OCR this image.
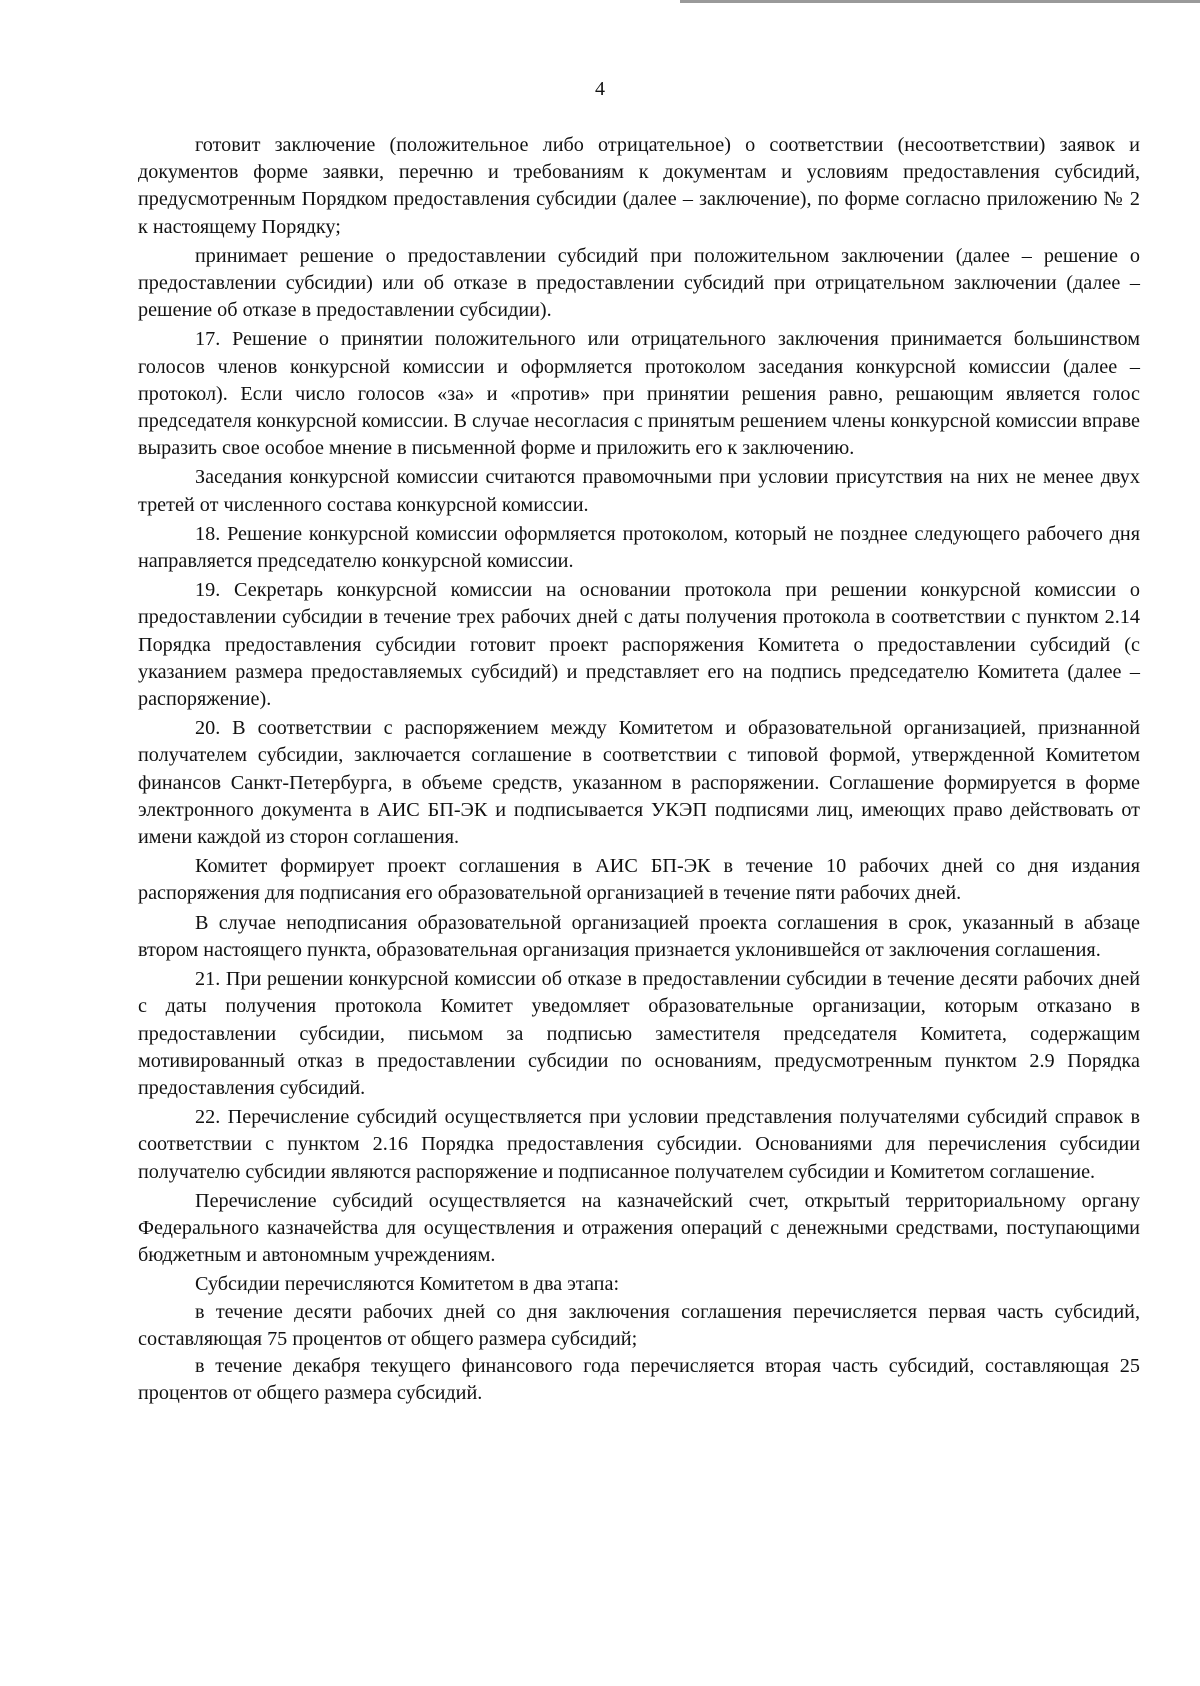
4

готовит заключение (положительное либо отрицательное) о соответствии (несоответствии) заявок и документов форме заявки, перечню и требованиям к документам и условиям предоставления субсидий, предусмотренным Порядком предоставления субсидии (далее – заключение), по форме согласно приложению № 2 к настоящему Порядку;

принимает решение о предоставлении субсидий при положительном заключении (далее – решение о предоставлении субсидии) или об отказе в предоставлении субсидий при отрицательном заключении (далее – решение об отказе в предоставлении субсидии).

17. Решение о принятии положительного или отрицательного заключения принимается большинством голосов членов конкурсной комиссии и оформляется протоколом заседания конкурсной комиссии (далее – протокол). Если число голосов «за» и «против» при принятии решения равно, решающим является голос председателя конкурсной комиссии. В случае несогласия с принятым решением члены конкурсной комиссии вправе выразить свое особое мнение в письменной форме и приложить его к заключению.

Заседания конкурсной комиссии считаются правомочными при условии присутствия на них не менее двух третей от численного состава конкурсной комиссии.

18. Решение конкурсной комиссии оформляется протоколом, который не позднее следующего рабочего дня направляется председателю конкурсной комиссии.

19. Секретарь конкурсной комиссии на основании протокола при решении конкурсной комиссии о предоставлении субсидии в течение трех рабочих дней с даты получения протокола в соответствии с пунктом 2.14 Порядка предоставления субсидии готовит проект распоряжения Комитета о предоставлении субсидий (с указанием размера предоставляемых субсидий) и представляет его на подпись председателю Комитета (далее – распоряжение).

20. В соответствии с распоряжением между Комитетом и образовательной организацией, признанной получателем субсидии, заключается соглашение в соответствии с типовой формой, утвержденной Комитетом финансов Санкт-Петербурга, в объеме средств, указанном в распоряжении. Соглашение формируется в форме электронного документа в АИС БП-ЭК и подписывается УКЭП подписями лиц, имеющих право действовать от имени каждой из сторон соглашения.

Комитет формирует проект соглашения в АИС БП-ЭК в течение 10 рабочих дней со дня издания распоряжения для подписания его образовательной организацией в течение пяти рабочих дней.

В случае неподписания образовательной организацией проекта соглашения в срок, указанный в абзаце втором настоящего пункта, образовательная организация признается уклонившейся от заключения соглашения.

21. При решении конкурсной комиссии об отказе в предоставлении субсидии в течение десяти рабочих дней с даты получения протокола Комитет уведомляет образовательные организации, которым отказано в предоставлении субсидии, письмом за подписью заместителя председателя Комитета, содержащим мотивированный отказ в предоставлении субсидии по основаниям, предусмотренным пунктом 2.9 Порядка предоставления субсидий.

22. Перечисление субсидий осуществляется при условии представления получателями субсидий справок в соответствии с пунктом 2.16 Порядка предоставления субсидии. Основаниями для перечисления субсидии получателю субсидии являются распоряжение и подписанное получателем субсидии и Комитетом соглашение.

Перечисление субсидий осуществляется на казначейский счет, открытый территориальному органу Федерального казначейства для осуществления и отражения операций с денежными средствами, поступающими бюджетным и автономным учреждениям.

Субсидии перечисляются Комитетом в два этапа:

в течение десяти рабочих дней со дня заключения соглашения перечисляется первая часть субсидий, составляющая 75 процентов от общего размера субсидий;

в течение декабря текущего финансового года перечисляется вторая часть субсидий, составляющая 25 процентов от общего размера субсидий.
